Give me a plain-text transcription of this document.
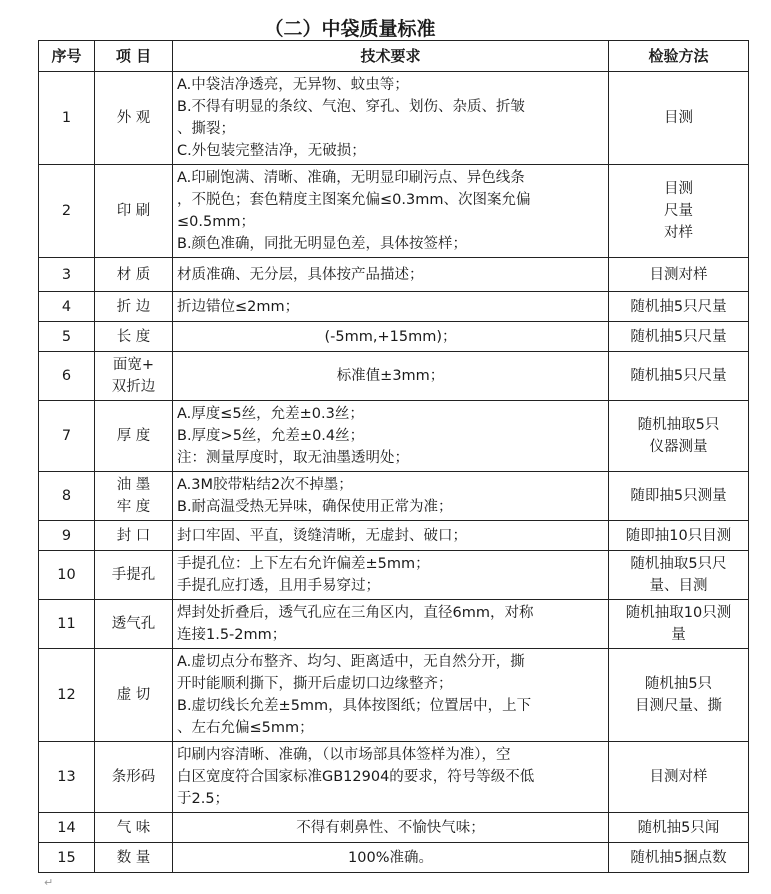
（二）中袋质量标准
序号	项 目	技术要求	检验方法
1	外 观	A.中袋洁净透亮，无异物、蚊虫等；
B.不得有明显的条纹、气泡、穿孔、划伤、杂质、折皱
、撕裂；
C.外包装完整洁净，无破损；	目测

2	印 刷	A.印刷饱满、清晰、准确，无明显印刷污点、异色线条
，不脱色；套色精度主图案允偏≤0.3mm、次图案允偏
≤0.5mm；
B.颜色准确，同批无明显色差，具体按签样；	目测
尺量
对样

3	材 质	材质准确、无分层，具体按产品描述；	目测对样

4	折 边	折边错位≤2mm；	随机抽5只尺量

5	长 度	(-5mm,+15mm)；	随机抽5只尺量

6	面宽+
双折边	标准值±3mm；	随机抽5只尺量

7	厚 度	A.厚度≤5丝，允差±0.3丝；
B.厚度>5丝，允差±0.4丝；
注：测量厚度时，取无油墨透明处；	随机抽取5只
仪器测量

8	油 墨
牢 度	A.3M胶带粘结2次不掉墨；
B.耐高温受热无异味，确保使用正常为准；	随即抽5只测量

9	封 口	封口牢固、平直，烫缝清晰，无虚封、破口；	随即抽10只目测

10	手提孔	手提孔位：上下左右允许偏差±5mm；
手提孔应打透，且用手易穿过；	随机抽取5只尺
量、目测

11	透气孔	焊封处折叠后，透气孔应在三角区内，直径6mm，对称
连接1.5-2mm；	随机抽取10只测
量

12	虚 切	A.虚切点分布整齐、均匀、距离适中，无自然分开，撕
开时能顺利撕下，撕开后虚切口边缘整齐；
B.虚切线长允差±5mm，具体按图纸；位置居中，上下
、左右允偏≤5mm；	随机抽5只
目测尺量、撕

13	条形码	印刷内容清晰、准确，（以市场部具体签样为准），空
白区宽度符合国家标准GB12904的要求，符号等级不低
于2.5；	目测对样

14	气 味	不得有刺鼻性、不愉快气味；	随机抽5只闻

15	数 量	100%准确。	随机抽5捆点数
↵
